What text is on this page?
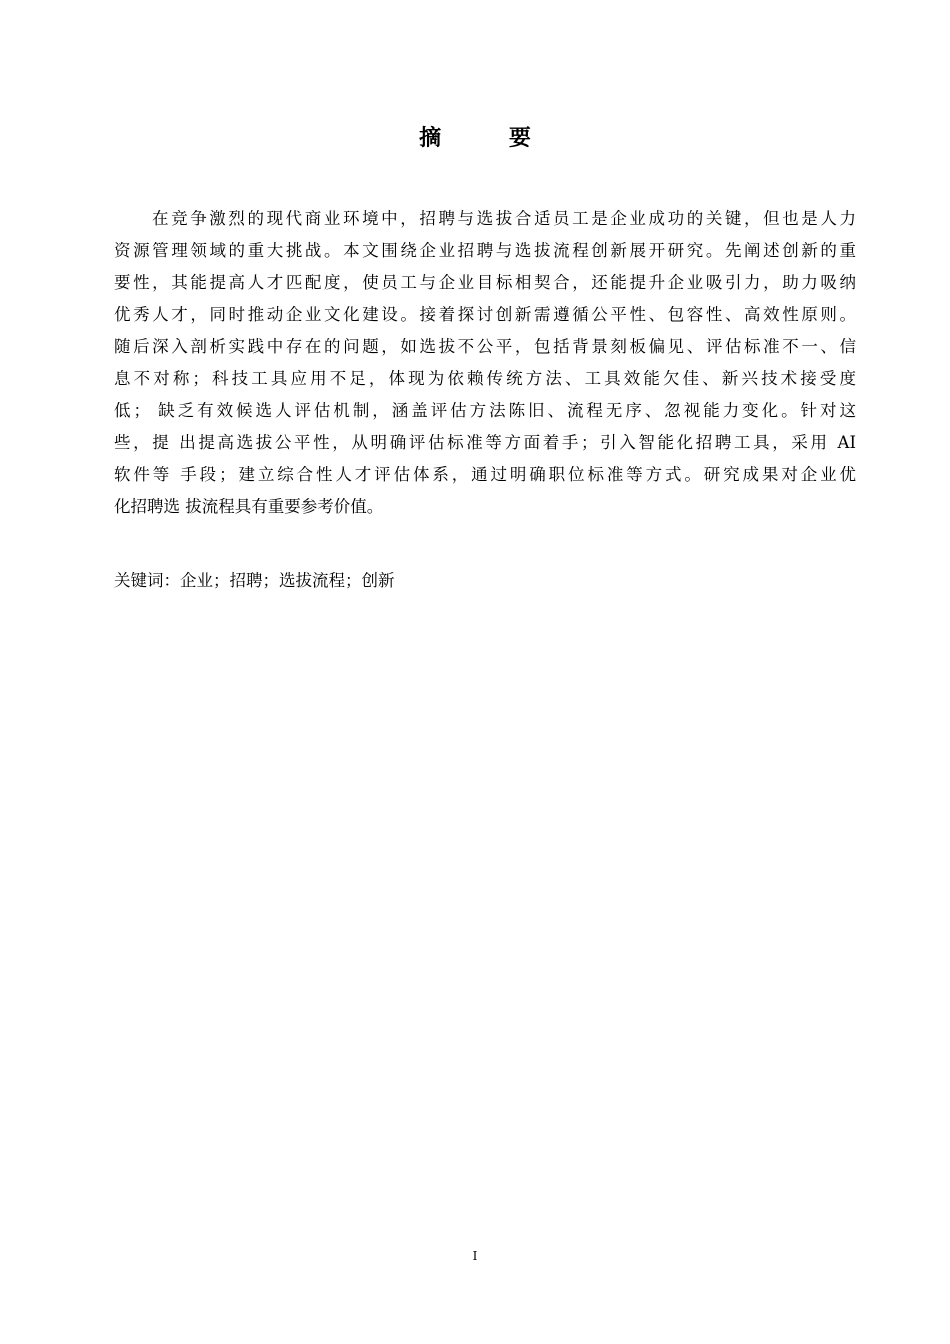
摘 要
在竞争激烈的现代商业环境中，招聘与选拔合适员工是企业成功的关键，但也是人力
资源管理领域的重大挑战。本文围绕企业招聘与选拔流程创新展开研究。先阐述创新的重
要性，其能提高人才匹配度，使员工与企业目标相契合，还能提升企业吸引力，助力吸纳
优秀人才，同时推动企业文化建设。接着探讨创新需遵循公平性、包容性、高效性原则。
随后深入剖析实践中存在的问题，如选拔不公平，包括背景刻板偏见、评估标准不一、信
息不对称；科技工具应用不足，体现为依赖传统方法、工具效能欠佳、新兴技术接受度
低； 缺乏有效候选人评估机制，涵盖评估方法陈旧、流程无序、忽视能力变化。针对这
些，提 出提高选拔公平性，从明确评估标准等方面着手；引入智能化招聘工具，采用 AI
软件等 手段；建立综合性人才评估体系，通过明确职位标准等方式。研究成果对企业优
化招聘选 拔流程具有重要参考价值。
关键词：企业；招聘；选拔流程；创新
I
